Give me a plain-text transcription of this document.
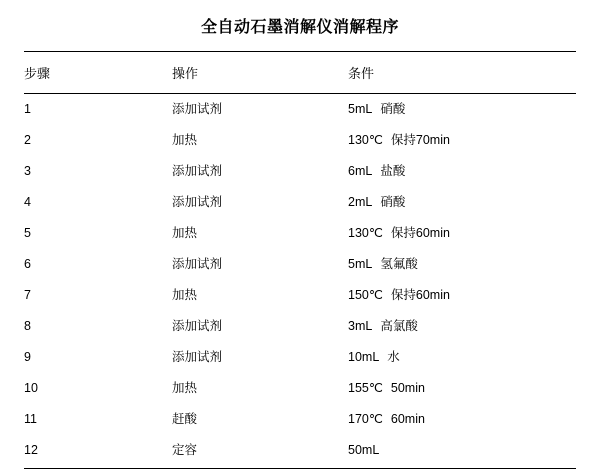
全自动石墨消解仪消解程序
步骤	操作	条件
1	添加试剂	5mL 硝酸
2	加热	130℃ 保持70min
3	添加试剂	6mL 盐酸
4	添加试剂	2mL 硝酸
5	加热	130℃ 保持60min
6	添加试剂	5mL 氢氟酸
7	加热	150℃ 保持60min
8	添加试剂	3mL 高氯酸
9	添加试剂	10mL 水
10	加热	155℃ 50min
11	赶酸	170℃ 60min
12	定容	50mL
